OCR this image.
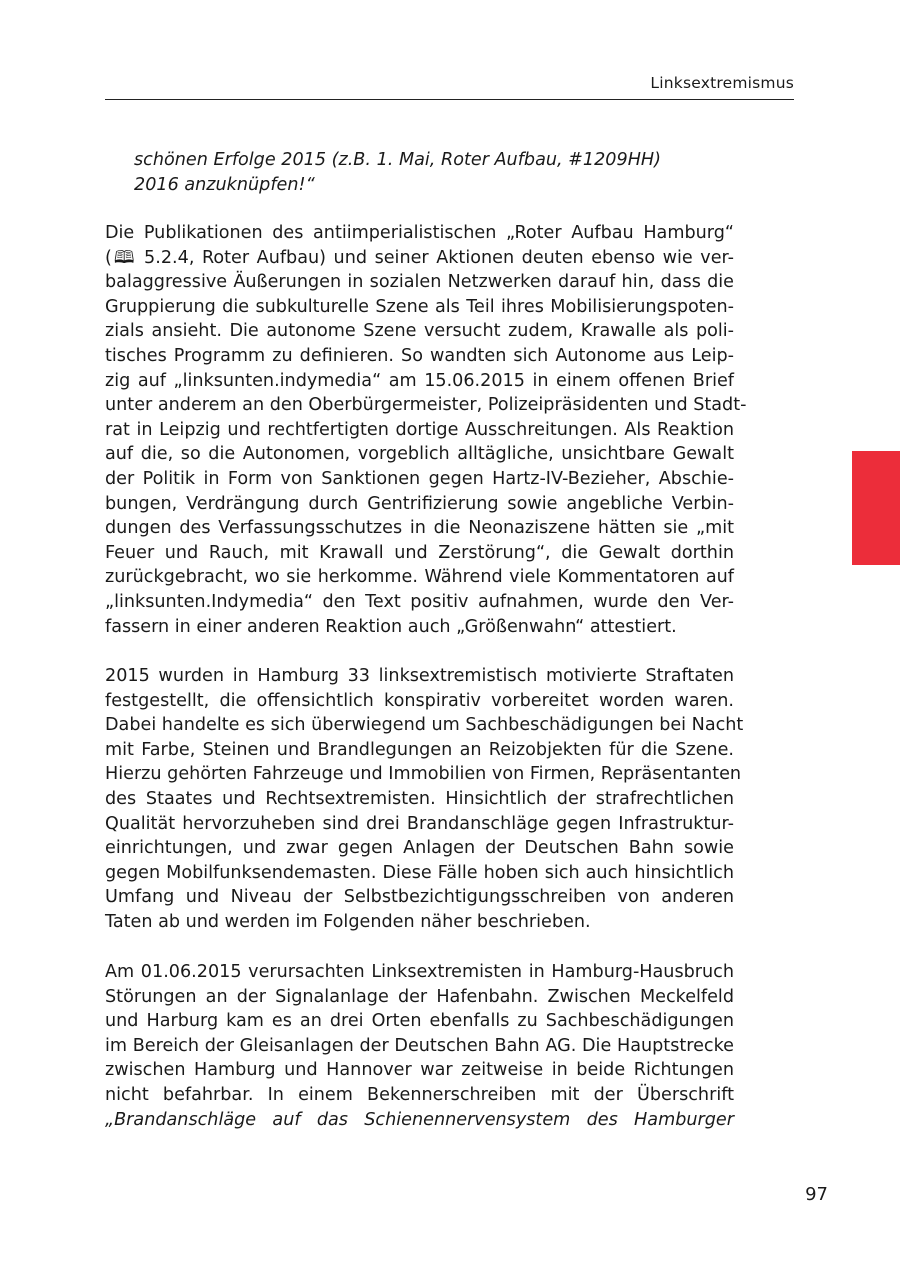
Linksextremismus
schönen Erfolge 2015 (z.B. 1. Mai, Roter Aufbau, #1209HH)
2016 anzuknüpfen!“
Die Publikationen des antiimperialistischen „Roter Aufbau Hamburg“
(🕮 5.2.4, Roter Aufbau) und seiner Aktionen deuten ebenso wie ver-
balaggressive Äußerungen in sozialen Netzwerken darauf hin, dass die
Gruppierung die subkulturelle Szene als Teil ihres Mobilisierungspoten-
zials ansieht. Die autonome Szene versucht zudem, Krawalle als poli-
tisches Programm zu definieren. So wandten sich Autonome aus Leip-
zig auf „linksunten.indymedia“ am 15.06.2015 in einem offenen Brief
unter anderem an den Oberbürgermeister, Polizeipräsidenten und Stadt-
rat in Leipzig und rechtfertigten dortige Ausschreitungen. Als Reaktion
auf die, so die Autonomen, vorgeblich alltägliche, unsichtbare Gewalt
der Politik in Form von Sanktionen gegen Hartz-IV-Bezieher, Abschie-
bungen, Verdrängung durch Gentrifizierung sowie angebliche Verbin-
dungen des Verfassungsschutzes in die Neonaziszene hätten sie „mit
Feuer und Rauch, mit Krawall und Zerstörung“, die Gewalt dorthin
zurückgebracht, wo sie herkomme. Während viele Kommentatoren auf
„linksunten.Indymedia“ den Text positiv aufnahmen, wurde den Ver-
fassern in einer anderen Reaktion auch „Größenwahn“ attestiert.
2015 wurden in Hamburg 33 linksextremistisch motivierte Straftaten
festgestellt, die offensichtlich konspirativ vorbereitet worden waren.
Dabei handelte es sich überwiegend um Sachbeschädigungen bei Nacht
mit Farbe, Steinen und Brandlegungen an Reizobjekten für die Szene.
Hierzu gehörten Fahrzeuge und Immobilien von Firmen, Repräsentanten
des Staates und Rechtsextremisten. Hinsichtlich der strafrechtlichen
Qualität hervorzuheben sind drei Brandanschläge gegen Infrastruktur-
einrichtungen, und zwar gegen Anlagen der Deutschen Bahn sowie
gegen Mobilfunksendemasten. Diese Fälle hoben sich auch hinsichtlich
Umfang und Niveau der Selbstbezichtigungsschreiben von anderen
Taten ab und werden im Folgenden näher beschrieben.
Am 01.06.2015 verursachten Linksextremisten in Hamburg-Hausbruch
Störungen an der Signalanlage der Hafenbahn. Zwischen Meckelfeld
und Harburg kam es an drei Orten ebenfalls zu Sachbeschädigungen
im Bereich der Gleisanlagen der Deutschen Bahn AG. Die Hauptstrecke
zwischen Hamburg und Hannover war zeitweise in beide Richtungen
nicht befahrbar. In einem Bekennerschreiben mit der Überschrift
„Brandanschläge auf das Schienennervensystem des Hamburger
97
